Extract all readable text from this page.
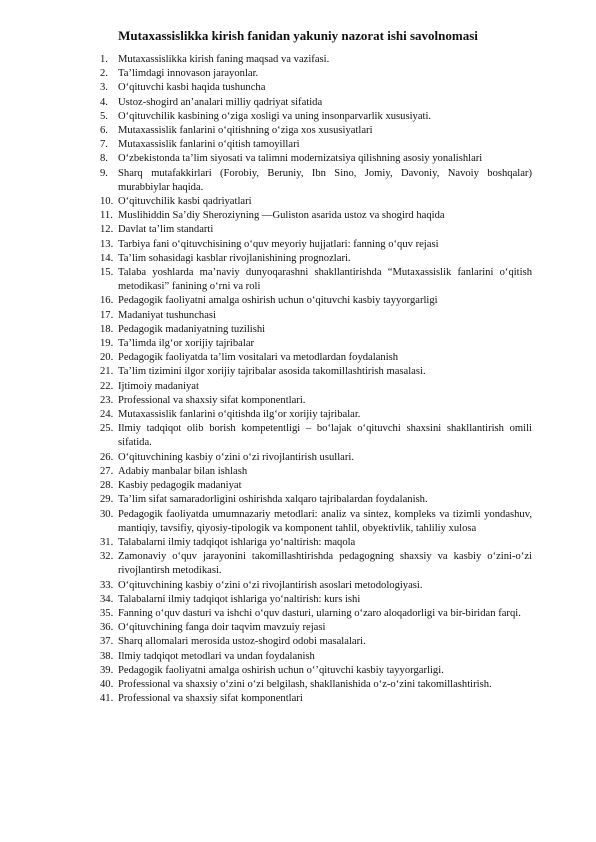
Mutaxassislikka kirish fanidan yakuniy nazorat ishi savolnomasi
1. Mutaxassislikka kirish faning maqsad va vazifasi.
2. Ta’limdagi innovason jarayonlar.
3. O‘qituvchi kasbi haqida tushuncha
4. Ustoz-shogird an’analari milliy qadriyat sifatida
5. O‘qituvchilik kasbining o‘ziga xosligi va uning insonparvarlik xususiyati.
6. Mutaxassislik fanlarini o‘qitishning o‘ziga xos xususiyatlari
7. Mutaxassislik fanlarini o‘qitish tamoyillari
8. O‘zbekistonda ta’lim siyosati va talimni modernizatsiya qilishning asosiy yonalishlari
9. Sharq mutafakkirlari (Forobiy, Beruniy, Ibn Sino, Jomiy, Davoniy, Navoiy boshqalar) murabbiylar haqida.
10. O‘qituvchilik kasbi qadriyatlari
11. Muslihiddin Sa’diy Sheroziyning ―Guliston asarida ustoz va shogird haqida
12. Davlat ta’lim standarti
13. Tarbiya fani o‘qituvchisining o‘quv meyoriy hujjatlari: fanning o‘quv rejasi
14. Ta’lim sohasidagi kasblar rivojlanishining prognozlari.
15. Talaba yoshlarda ma’naviy dunyoqarashni shakllantirishda “Mutaxassislik fanlarini o‘qitish metodikasi” fanining o‘rni va roli
16. Pedagogik faoliyatni amalga oshirish uchun o‘qituvchi kasbiy tayyorgarligi
17. Madaniyat tushunchasi
18. Pedagogik madaniyatning tuzilishi
19. Ta’limda ilg‘or xorijiy tajribalar
20. Pedagogik faoliyatda ta’lim vositalari va metodlardan foydalanish
21. Ta’lim tizimini ilgor xorijiy tajribalar asosida takomillashtirish masalasi.
22. Ijtimoiy madaniyat
23. Professional va shaxsiy sifat komponentlari.
24. Mutaxassislik fanlarini o‘qitishda ilg‘or xorijiy tajribalar.
25. Ilmiy tadqiqot olib borish kompetentligi – bo‘lajak o‘qituvchi shaxsini shakllantirish omili sifatida.
26. O‘qituvchining kasbiy o‘zini o‘zi rivojlantirish usullari.
27. Adabiy manbalar bilan ishlash
28. Kasbiy pedagogik madaniyat
29. Ta’lim sifat samaradorligini oshirishda xalqaro tajribalardan foydalanish.
30. Pedagogik faoliyatda umumnazariy metodlari: analiz va sintez, kompleks va tizimli yondashuv, mantiqiy, tavsifiy, qiyosiy-tipologik va komponent tahlil, obyektivlik, tahliliy xulosa
31. Talabalarni ilmiy tadqiqot ishlariga yo‘naltirish: maqola
32. Zamonaviy o‘quv jarayonini takomillashtirishda pedagogning shaxsiy va kasbiy o‘zini-o‘zi rivojlantirsh metodikasi.
33. O‘qituvchining kasbiy o‘zini o‘zi rivojlantirish asoslari metodologiyasi.
34. Talabalarni ilmiy tadqiqot ishlariga yo‘naltirish: kurs ishi
35. Fanning o‘quv dasturi va ishchi o‘quv dasturi, ularning o‘zaro aloqadorligi va bir-biridan farqi.
36. O‘qituvchining fanga doir taqvim mavzuiy rejasi
37. Sharq allomalari merosida ustoz-shogird odobi masalalari.
38. Ilmiy tadqiqot metodlari va undan foydalanish
39. Pedagogik faoliyatni amalga oshirish uchun o‘’qituvchi kasbiy tayyorgarligi.
40. Professional va shaxsiy o‘zini o‘zi belgilash, shakllanishida o‘z-o‘zini takomillashtirish.
41. Professional va shaxsiy sifat komponentlari
